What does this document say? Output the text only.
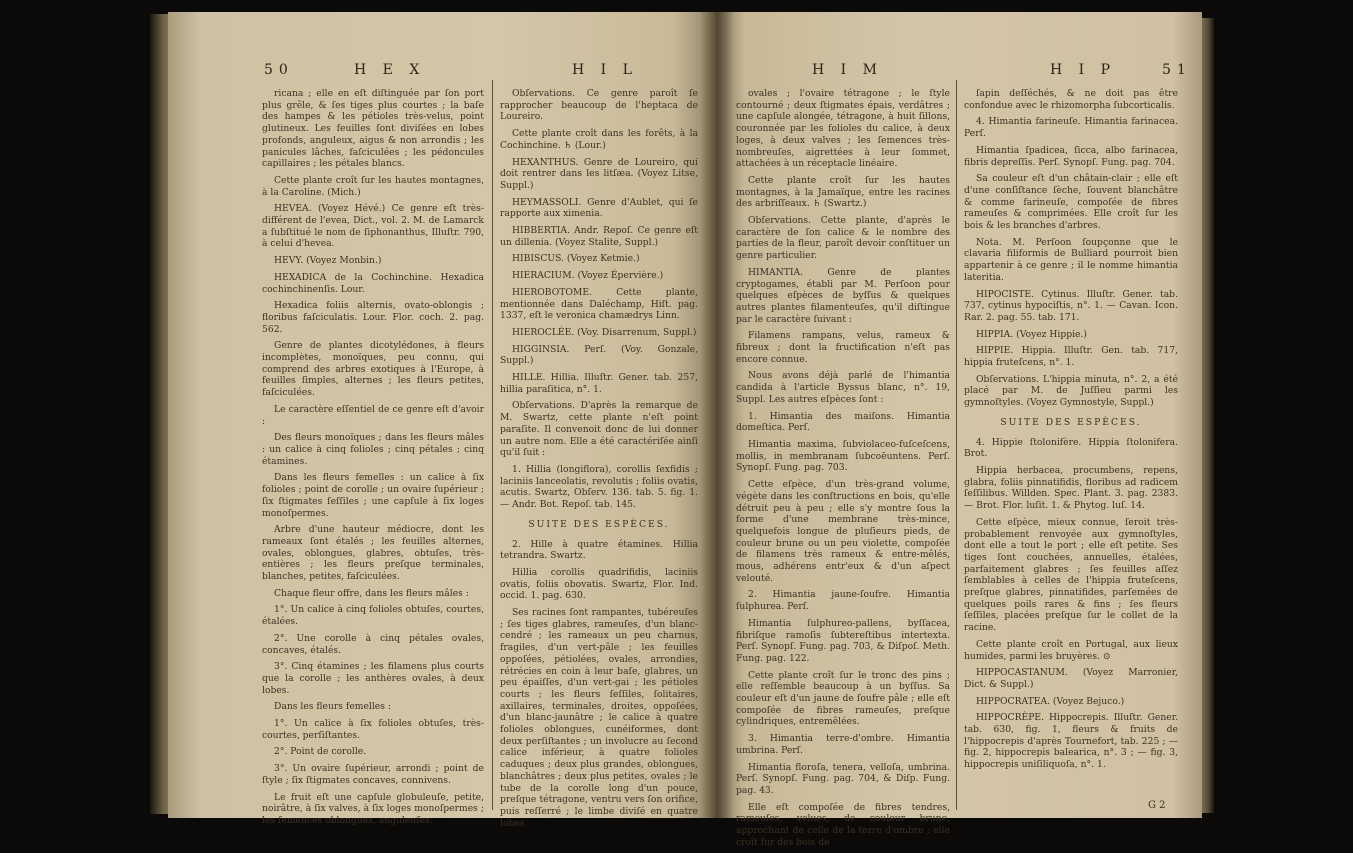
50	H E X	H I L

ricana ; elle en eſt diſtinguée par ſon port plus grêle, & ſes tiges plus courtes ; la baſe des hampes & les pétioles très-velus, point glutineux. Les feuilles ſont diviſées en lobes profonds, anguleux, aigus & non arrondis ; les panicules lâches, faſciculées ; les pédoncules capillaires ; les pétales blancs.

Cette plante croît ſur les hautes montagnes, à la Caroline. (Mich.)

HEVEA. (Voyez Hévé.) Ce genre eſt très-différent de l'evea, Dict., vol. 2. M. de Lamarck a ſubſtitué le nom de ſiphonanthus, Illuſtr. 790, à celui d'hevea.

HEVY. (Voyez Monbin.)

HEXADICA de la Cochinchine. Hexadica cochinchinenſis. Lour.

Hexadica foliis alternis, ovato-oblongis ; floribus faſciculatis. Lour. Flor. coch. 2. pag. 562.

Genre de plantes dicotylédones, à fleurs incomplètes, monoïques, peu connu, qui comprend des arbres exotiques à l'Europe, à feuilles ſimples, alternes ; les fleurs petites, faſciculées.

Le caractère eſſentiel de ce genre eſt d'avoir :

Des fleurs monoïques ; dans les fleurs mâles : un calice à cinq folioles ; cinq pétales ; cinq étamines.

Dans les fleurs femelles : un calice à ſix folioles ; point de corolle ; un ovaire ſupérieur ; ſix ſtigmates ſeſſiles ; une capſule à ſix loges monoſpermes.

Arbre d'une hauteur médiocre, dont les rameaux ſont étalés ; les feuilles alternes, ovales, oblongues, glabres, obtuſes, très-entières ; les fleurs preſque terminales, blanches, petites, faſciculées.

Chaque fleur offre, dans les fleurs mâles :

1°. Un calice à cinq folioles obtuſes, courtes, étalées.

2°. Une corolle à cinq pétales ovales, concaves, étalés.

3°. Cinq étamines ; les filamens plus courts que la corolle ; les anthères ovales, à deux lobes.

Dans les fleurs femelles :

1°. Un calice à ſix folioles obtuſes, très-courtes, perſiſtantes.

2°. Point de corolle.

3°. Un ovaire ſupérieur, arrondi ; point de ſtyle ; ſix ſtigmates concaves, connivens.

Le fruit eſt une capſule globuleuſe, petite, noirâtre, à ſix valves, à ſix loges monoſpermes ; les ſemences oblongues, anguleuſes.

Obſervations. Ce genre paroît ſe rapprocher beaucoup de l'heptaca de Loureiro.

Cette plante croît dans les forêts, à la Cochinchine. ♄ (Lour.)

HEXANTHUS. Genre de Loureiro, qui doit rentrer dans les litſæa. (Voyez Litse, Suppl.)

HEYMASSOLI. Genre d'Aublet, qui ſe rapporte aux ximenia.

HIBBERTIA. Andr. Repoſ. Ce genre eſt un dillenia. (Voyez Stalite, Suppl.)

HIBISCUS. (Voyez Ketmie.)

HIERACIUM. (Voyez Épervière.)

HIEROBOTOME. Cette plante, mentionnée dans Daléchamp, Hiſt. pag. 1337, eſt le veronica chamædrys Linn.

HIEROCLÉE. (Voy. Disarrenum, Suppl.)

HIGGINSIA. Perſ. (Voy. Gonzale, Suppl.)

HILLE. Hillia. Illuſtr. Gener. tab. 257, hillia paraſitica, n°. 1.

Obſervations. D'après la remarque de M. Swartz, cette plante n'eſt point paraſite. Il convenoit donc de lui donner un autre nom. Elle a été caractériſée ainſi qu'il ſuit :

1. Hillia (longiflora), corollis ſexfidis ; laciniis lanceolatis, revolutis ; foliis ovatis, acutis. Swartz, Obſerv. 136. tab. 5. fig. 1. — Andr. Bot. Repoſ. tab. 145.

SUITE DES ESPÈCES.

2. Hille à quatre étamines. Hillia tetrandra. Swartz.

Hillia corollis quadrifidis, laciniis ovatis, foliis obovatis. Swartz, Flor. Ind. occid. 1. pag. 630.

Ses racines ſont rampantes, tubéreuſes ; ſes tiges glabres, rameuſes, d'un blanc-cendré ; les rameaux un peu charnus, fragiles, d'un vert-pâle ; les feuilles oppoſées, pétiolées, ovales, arrondies, rétrécies en coin à leur baſe, glabres, un peu épaiſſes, d'un vert-gai ; les pétioles courts ; les fleurs ſeſſiles, ſolitaires, axillaires, terminales, droites, oppoſées, d'un blanc-jaunâtre ; le calice à quatre folioles oblongues, cunéiformes, dont deux perſiſtantes ; un involucre au ſecond calice inférieur, à quatre folioles caduques ; deux plus grandes, oblongues, blanchâtres ; deux plus petites, ovales ; le tube de la corolle long d'un pouce, preſque tétragone, ventru vers ſon orifice, puis reſſerré ; le limbe diviſé en quatre lobes

H I M	H I P	51

ovales ; l'ovaire tétragone ; le ſtyle contourné ; deux ſtigmates épais, verdâtres ; une capſule alongée, tétragone, à huit ſillons, couronnée par les folioles du calice, à deux loges, à deux valves ; les ſemences très-nombreuſes, aigrettées à leur ſommet, attachées à un réceptacle linéaire.

Cette plante croît ſur les hautes montagnes, à la Jamaïque, entre les racines des arbriſſeaux. ♄ (Swartz.)

Obſervations. Cette plante, d'après le caractère de ſon calice & le nombre des parties de la fleur, paroît devoir conſtituer un genre particulier.

HIMANTIA. Genre de plantes cryptogames, établi par M. Perſoon pour quelques eſpèces de byſſus & quelques autres plantes filamenteuſes, qu'il diſtingue par le caractère ſuivant :

Filamens rampans, velus, rameux & fibreux ; dont la fructification n'eſt pas encore connue.

Nous avons déjà parlé de l'himantia candida à l'article Byssus blanc, n°. 19, Suppl. Les autres eſpèces ſont :

1. Himantia des maiſons. Himantia domeſtica. Perſ.

Himantia maxima, ſubviolaceo-fuſceſcens, mollis, in membranam ſubcoëuntens. Perſ. Synopſ. Fung. pag. 703.

Cette eſpèce, d'un très-grand volume, végète dans les conſtructions en bois, qu'elle détruit peu à peu ; elle s'y montre ſous la forme d'une membrane très-mince, quelquefois longue de pluſieurs pieds, de couleur brune ou un peu violette, compoſée de filamens très rameux & entre-mêlés, mous, adhérens entr'eux & d'un aſpect velouté.

2. Himantia jaune-ſoufre. Himantia ſulphurea. Perſ.

Himantia ſulphureo-pallens, byſſacea, fibriſque ramoſis ſubtereſtibus intertexta. Perſ. Synopſ. Fung. pag. 703, & Diſpoſ. Meth. Fung. pag. 122.

Cette plante croît ſur le tronc des pins ; elle reſſemble beaucoup à un byſſus. Sa couleur eſt d'un jaune de ſoufre pâle ; elle eſt compoſée de fibres rameuſes, preſque cylindriques, entremêlées.

3. Himantia terre-d'ombre. Himantia umbrina. Perſ.

Himantia floroſa, tenera, velloſa, umbrina. Perſ. Synopſ. Fung. pag. 704, & Diſp. Fung. pag. 43.

Elle eſt compoſée de fibres tendres, rameuſes, velues, de couleur brune, approchant de celle de la terre d'ombre ; elle croît ſur des bois de

ſapin deſſéchés, & ne doit pas être confondue avec le rhizomorpha ſubcorticalis.

4. Himantia farineuſe. Himantia farinacea. Perſ.

Himantia ſpadicea, ſicca, albo farinacea, fibris depreſſis. Perſ. Synopſ. Fung. pag. 704.

Sa couleur eſt d'un châtain-clair ; elle eſt d'une conſiſtance ſèche, ſouvent blanchâtre & comme farineuſe, compoſée de fibres rameuſes & comprimées. Elle croît ſur les bois & les branches d'arbres.

Nota. M. Perſoon ſoupçonne que le clavaria filiformis de Bulliard pourroit bien appartenir à ce genre ; il le nomme himantia lateritia.

HIPOCISTE. Cytinus. Illuſtr. Gener. tab. 737, cytinus hypociſtis, n°. 1. — Cavan. Icon. Rar. 2. pag. 55. tab. 171.

HIPPIA. (Voyez Hippie.)

HIPPIE. Hippia. Illuſtr. Gen. tab. 717, hippia fruteſcens, n°. 1.

Obſervations. L'hippia minuta, n°. 2, a été placé par M. de Juſſieu parmi les gymnoſtyles. (Voyez Gymnostyle, Suppl.)

SUITE DES ESPÈCES.

4. Hippie ſtolonifère. Hippia ſtolonifera. Brot.

Hippia herbacea, procumbens, repens, glabra, foliis pinnatifidis, floribus ad radicem ſeſſilibus. Willden. Spec. Plant. 3. pag. 2383. — Brot. Flor. luſit. 1. & Phytog. luſ. 14.

Cette eſpèce, mieux connue, ſeroit très-probablement renvoyée aux gymnoſtyles, dont elle a tout le port ; elle eſt petite. Ses tiges ſont couchées, annuelles, étalées, parfaitement glabres ; ſes feuilles aſſez ſemblables à celles de l'hippia fruteſcens, preſque glabres, pinnatifides, parſemées de quelques poils rares & fins ; ſes fleurs ſeſſiles, placées preſque ſur le collet de la racine.

Cette plante croît en Portugal, aux lieux humides, parmi les bruyères. ⊙

HIPPOCASTANUM. (Voyez Marronier, Dict. & Suppl.)

HIPPOCRATEA. (Voyez Bejuco.)

HIPPOCRÈPE. Hippocrepis. Illuſtr. Gener. tab. 630, fig. 1, fleurs & fruits de l'hippocrepis d'après Tournefort, tab. 225 ; — fig. 2, hippocrepis balearica, n°. 3 ; — fig. 3, hippocrepis uniſiliquoſa, n°. 1.

G 2
